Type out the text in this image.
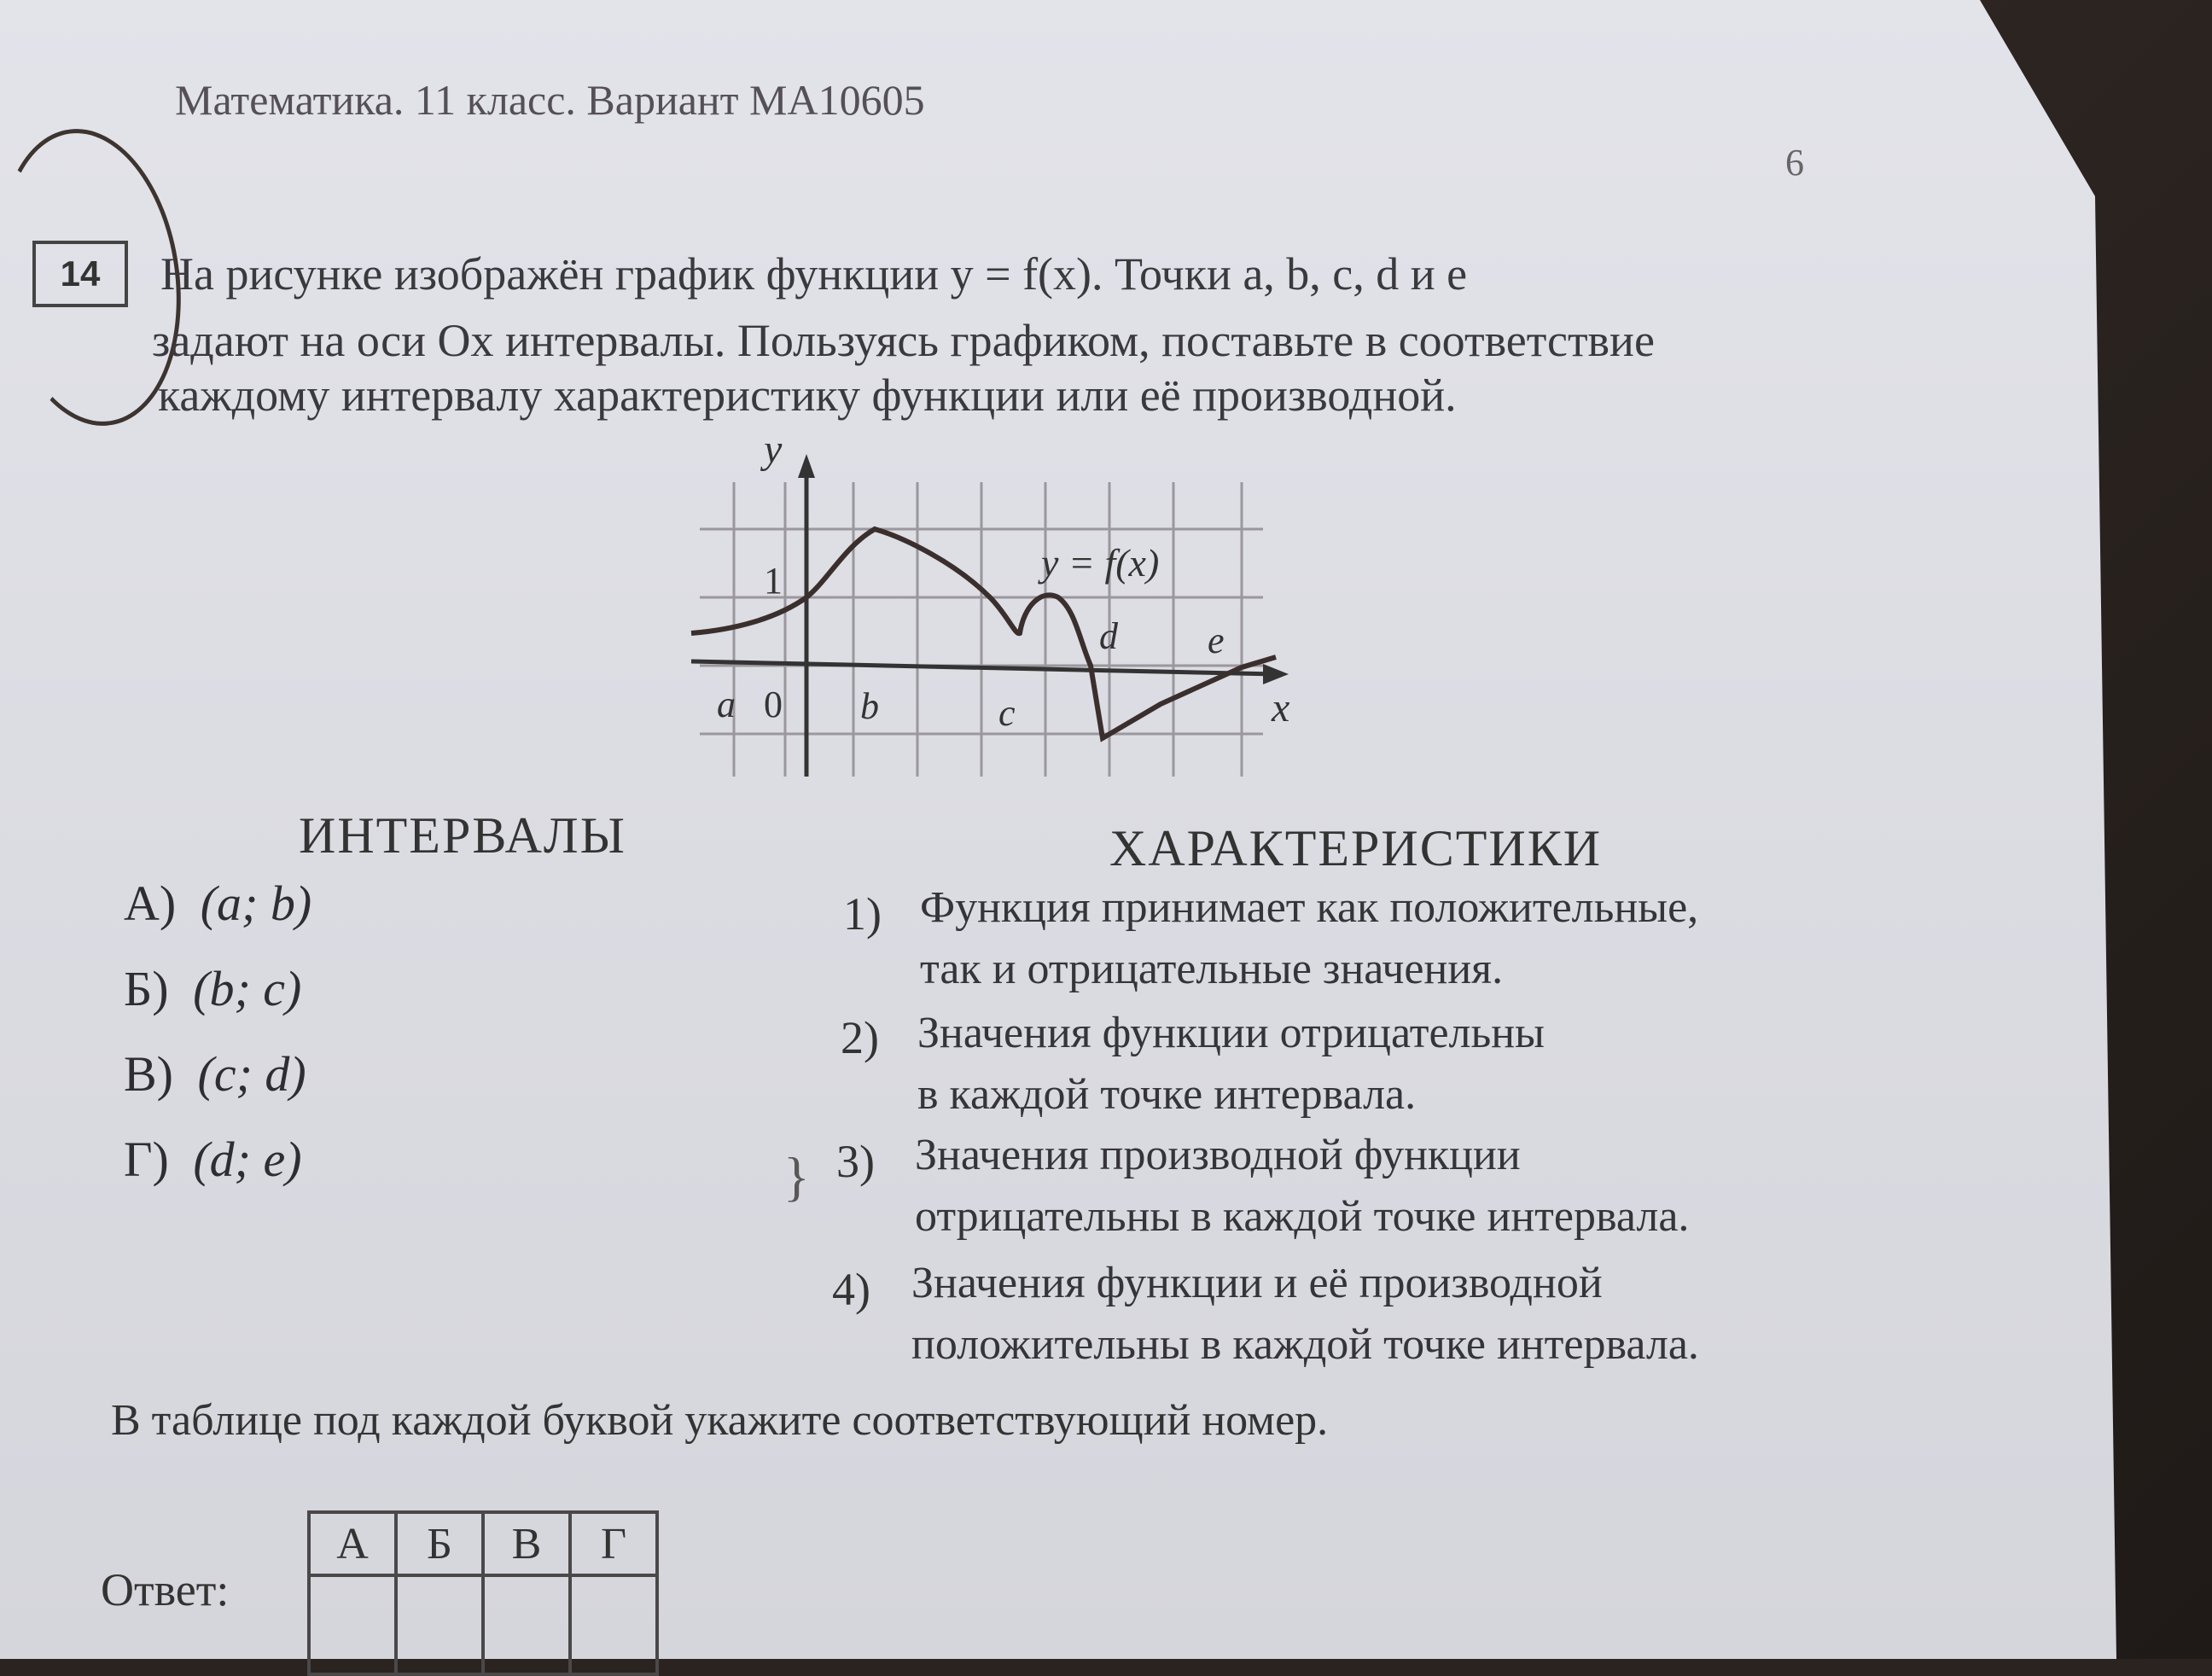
Математика. 11 класс. Вариант МА10605
6
14	На рисунке изображён график функции y = f(x). Точки a, b, c, d и e
задают на оси Ox интервалы. Пользуясь графиком, поставьте в соответствие
каждому интервалу характеристику функции или её производной.
y
x
1
0
y = f(x)
a	b	c
d e
ИНТЕРВАЛЫ	ХАРАКТЕРИСТИКИ
А) (a; b)
Б) (b; c)
В) (c; d)
Г) (d; e)
1) Функция принимает как положительные,
так и отрицательные значения.
2) Значения функции отрицательны
в каждой точке интервала.
} 3) Значения производной функции
отрицательны в каждой точке интервала.
4) Значения функции и её производной
положительны в каждой точке интервала.
В таблице под каждой буквой укажите соответствующий номер.
Ответ:
А	Б	В	Г
